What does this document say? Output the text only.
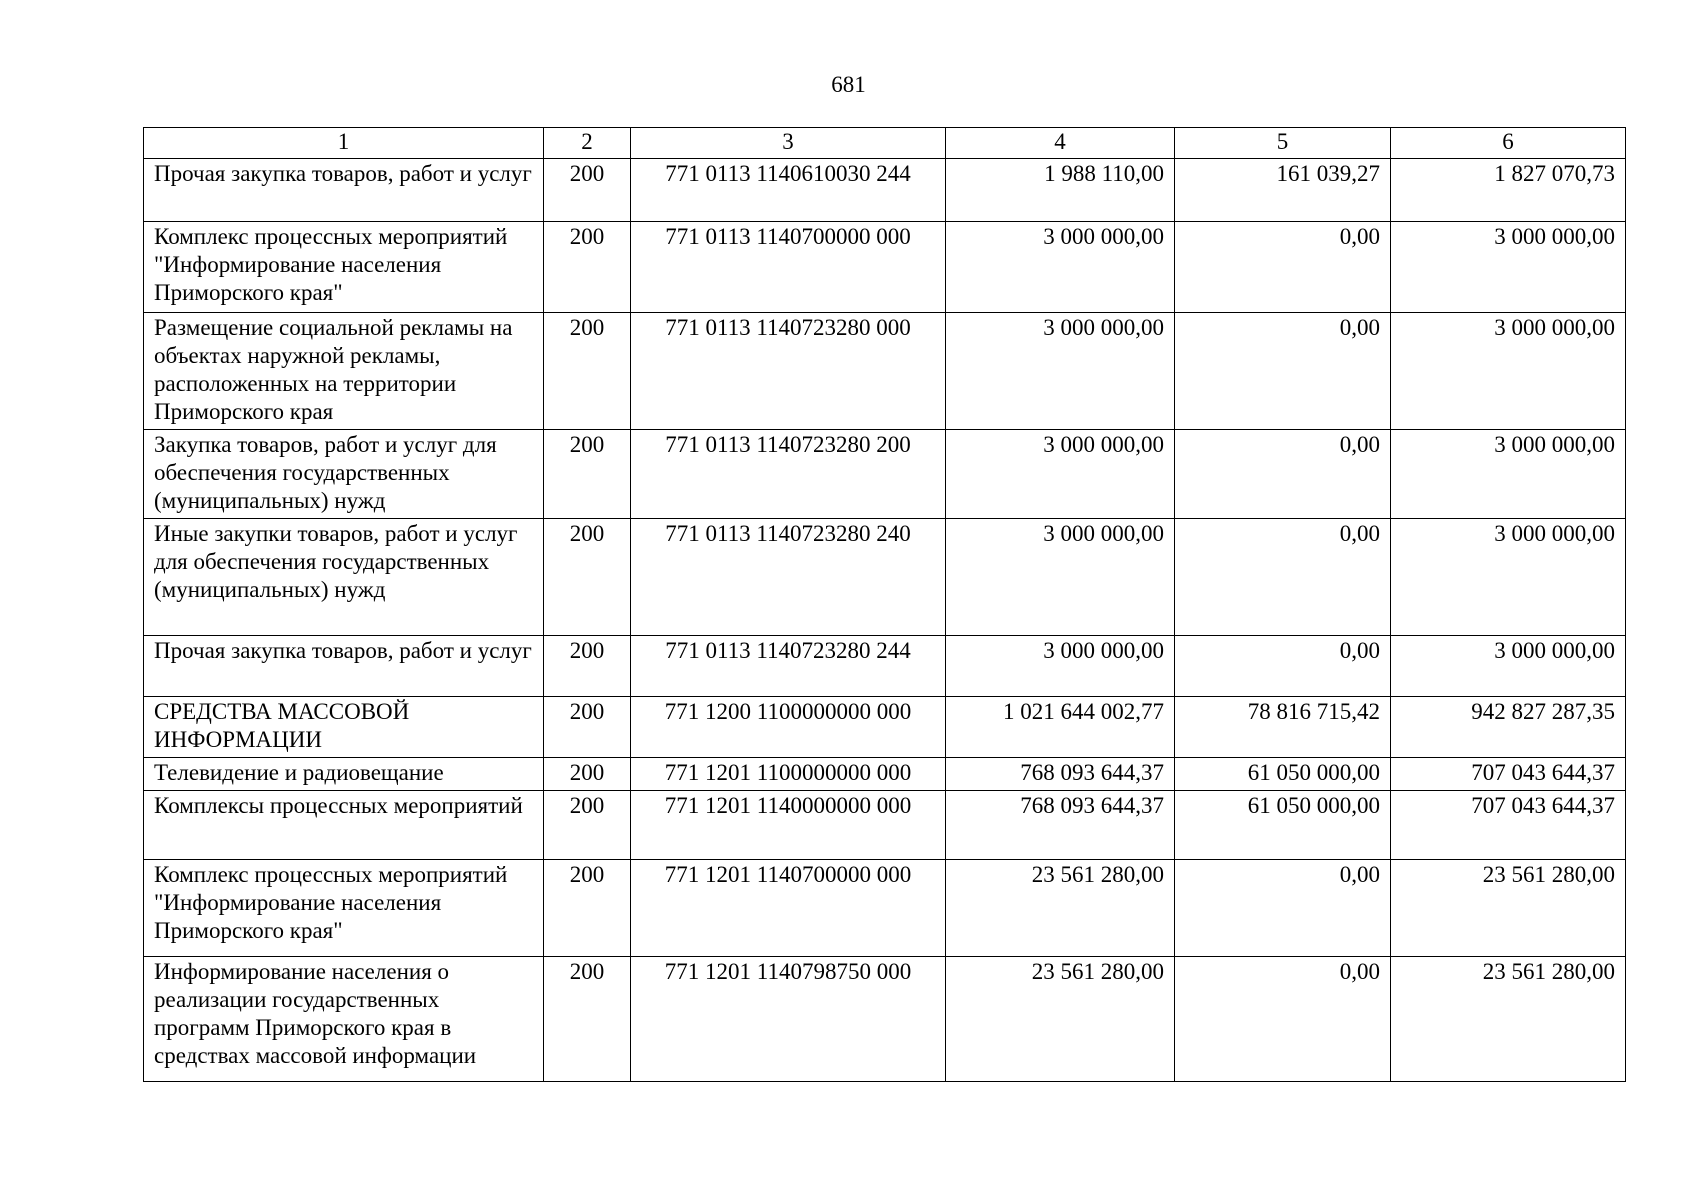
681
1	2	3	4	5	6
Прочая закупка товаров, работ и услуг	200	771 0113 1140610030 244	1 988 110,00	161 039,27	1 827 070,73
Комплекс процессных мероприятий "Информирование населения Приморского края"	200	771 0113 1140700000 000	3 000 000,00	0,00	3 000 000,00
Размещение социальной рекламы на объектах наружной рекламы, расположенных на территории Приморского края	200	771 0113 1140723280 000	3 000 000,00	0,00	3 000 000,00
Закупка товаров, работ и услуг для обеспечения государственных (муниципальных) нужд	200	771 0113 1140723280 200	3 000 000,00	0,00	3 000 000,00
Иные закупки товаров, работ и услуг для обеспечения государственных (муниципальных) нужд	200	771 0113 1140723280 240	3 000 000,00	0,00	3 000 000,00
Прочая закупка товаров, работ и услуг	200	771 0113 1140723280 244	3 000 000,00	0,00	3 000 000,00
СРЕДСТВА МАССОВОЙ ИНФОРМАЦИИ	200	771 1200 1100000000 000	1 021 644 002,77	78 816 715,42	942 827 287,35
Телевидение и радиовещание	200	771 1201 1100000000 000	768 093 644,37	61 050 000,00	707 043 644,37
Комплексы процессных мероприятий	200	771 1201 1140000000 000	768 093 644,37	61 050 000,00	707 043 644,37
Комплекс процессных мероприятий "Информирование населения Приморского края"	200	771 1201 1140700000 000	23 561 280,00	0,00	23 561 280,00
Информирование населения о реализации государственных программ Приморского края в средствах массовой информации	200	771 1201 1140798750 000	23 561 280,00	0,00	23 561 280,00
